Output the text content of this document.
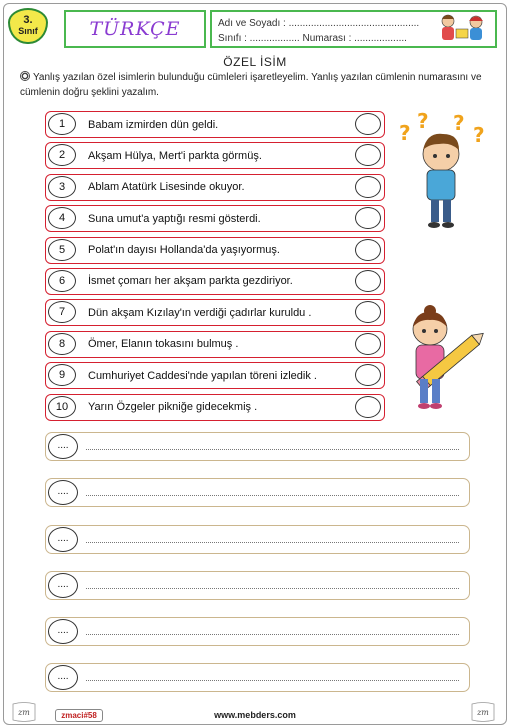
3.
Sınıf	TÜRKÇE	Adı ve Soyadı : ...............................................
Sınıfı : .................. Numarası : ...................
ÖZEL İSİM
Yanlış yazılan özel isimlerin bulunduğu cümleleri işaretleyelim. Yanlış yazılan cümlenin numarasını ve cümlenin doğru şeklini yazalım.
1	Babam izmirden dün geldi.
2	Akşam Hülya, Mert'i parkta görmüş.
3	Ablam Atatürk Lisesinde okuyor.
4	Suna umut'a yaptığı resmi gösterdi.
5	Polat'ın dayısı Hollanda'da yaşıyormuş.
6	İsmet çomarı her akşam parkta gezdiriyor.
7	Dün akşam Kızılay'ın verdiği çadırlar kuruldu .
8	Ömer, Elanın tokasını bulmuş .
9	Cumhuriyet Caddesi'nde yapılan töreni izledik .
10	Yarın Özgeler pikniğe gidecekmiş .
? ? ? ?
....
....
....
....
....
....
zm	zmaci#58	www.mebders.com	zm
